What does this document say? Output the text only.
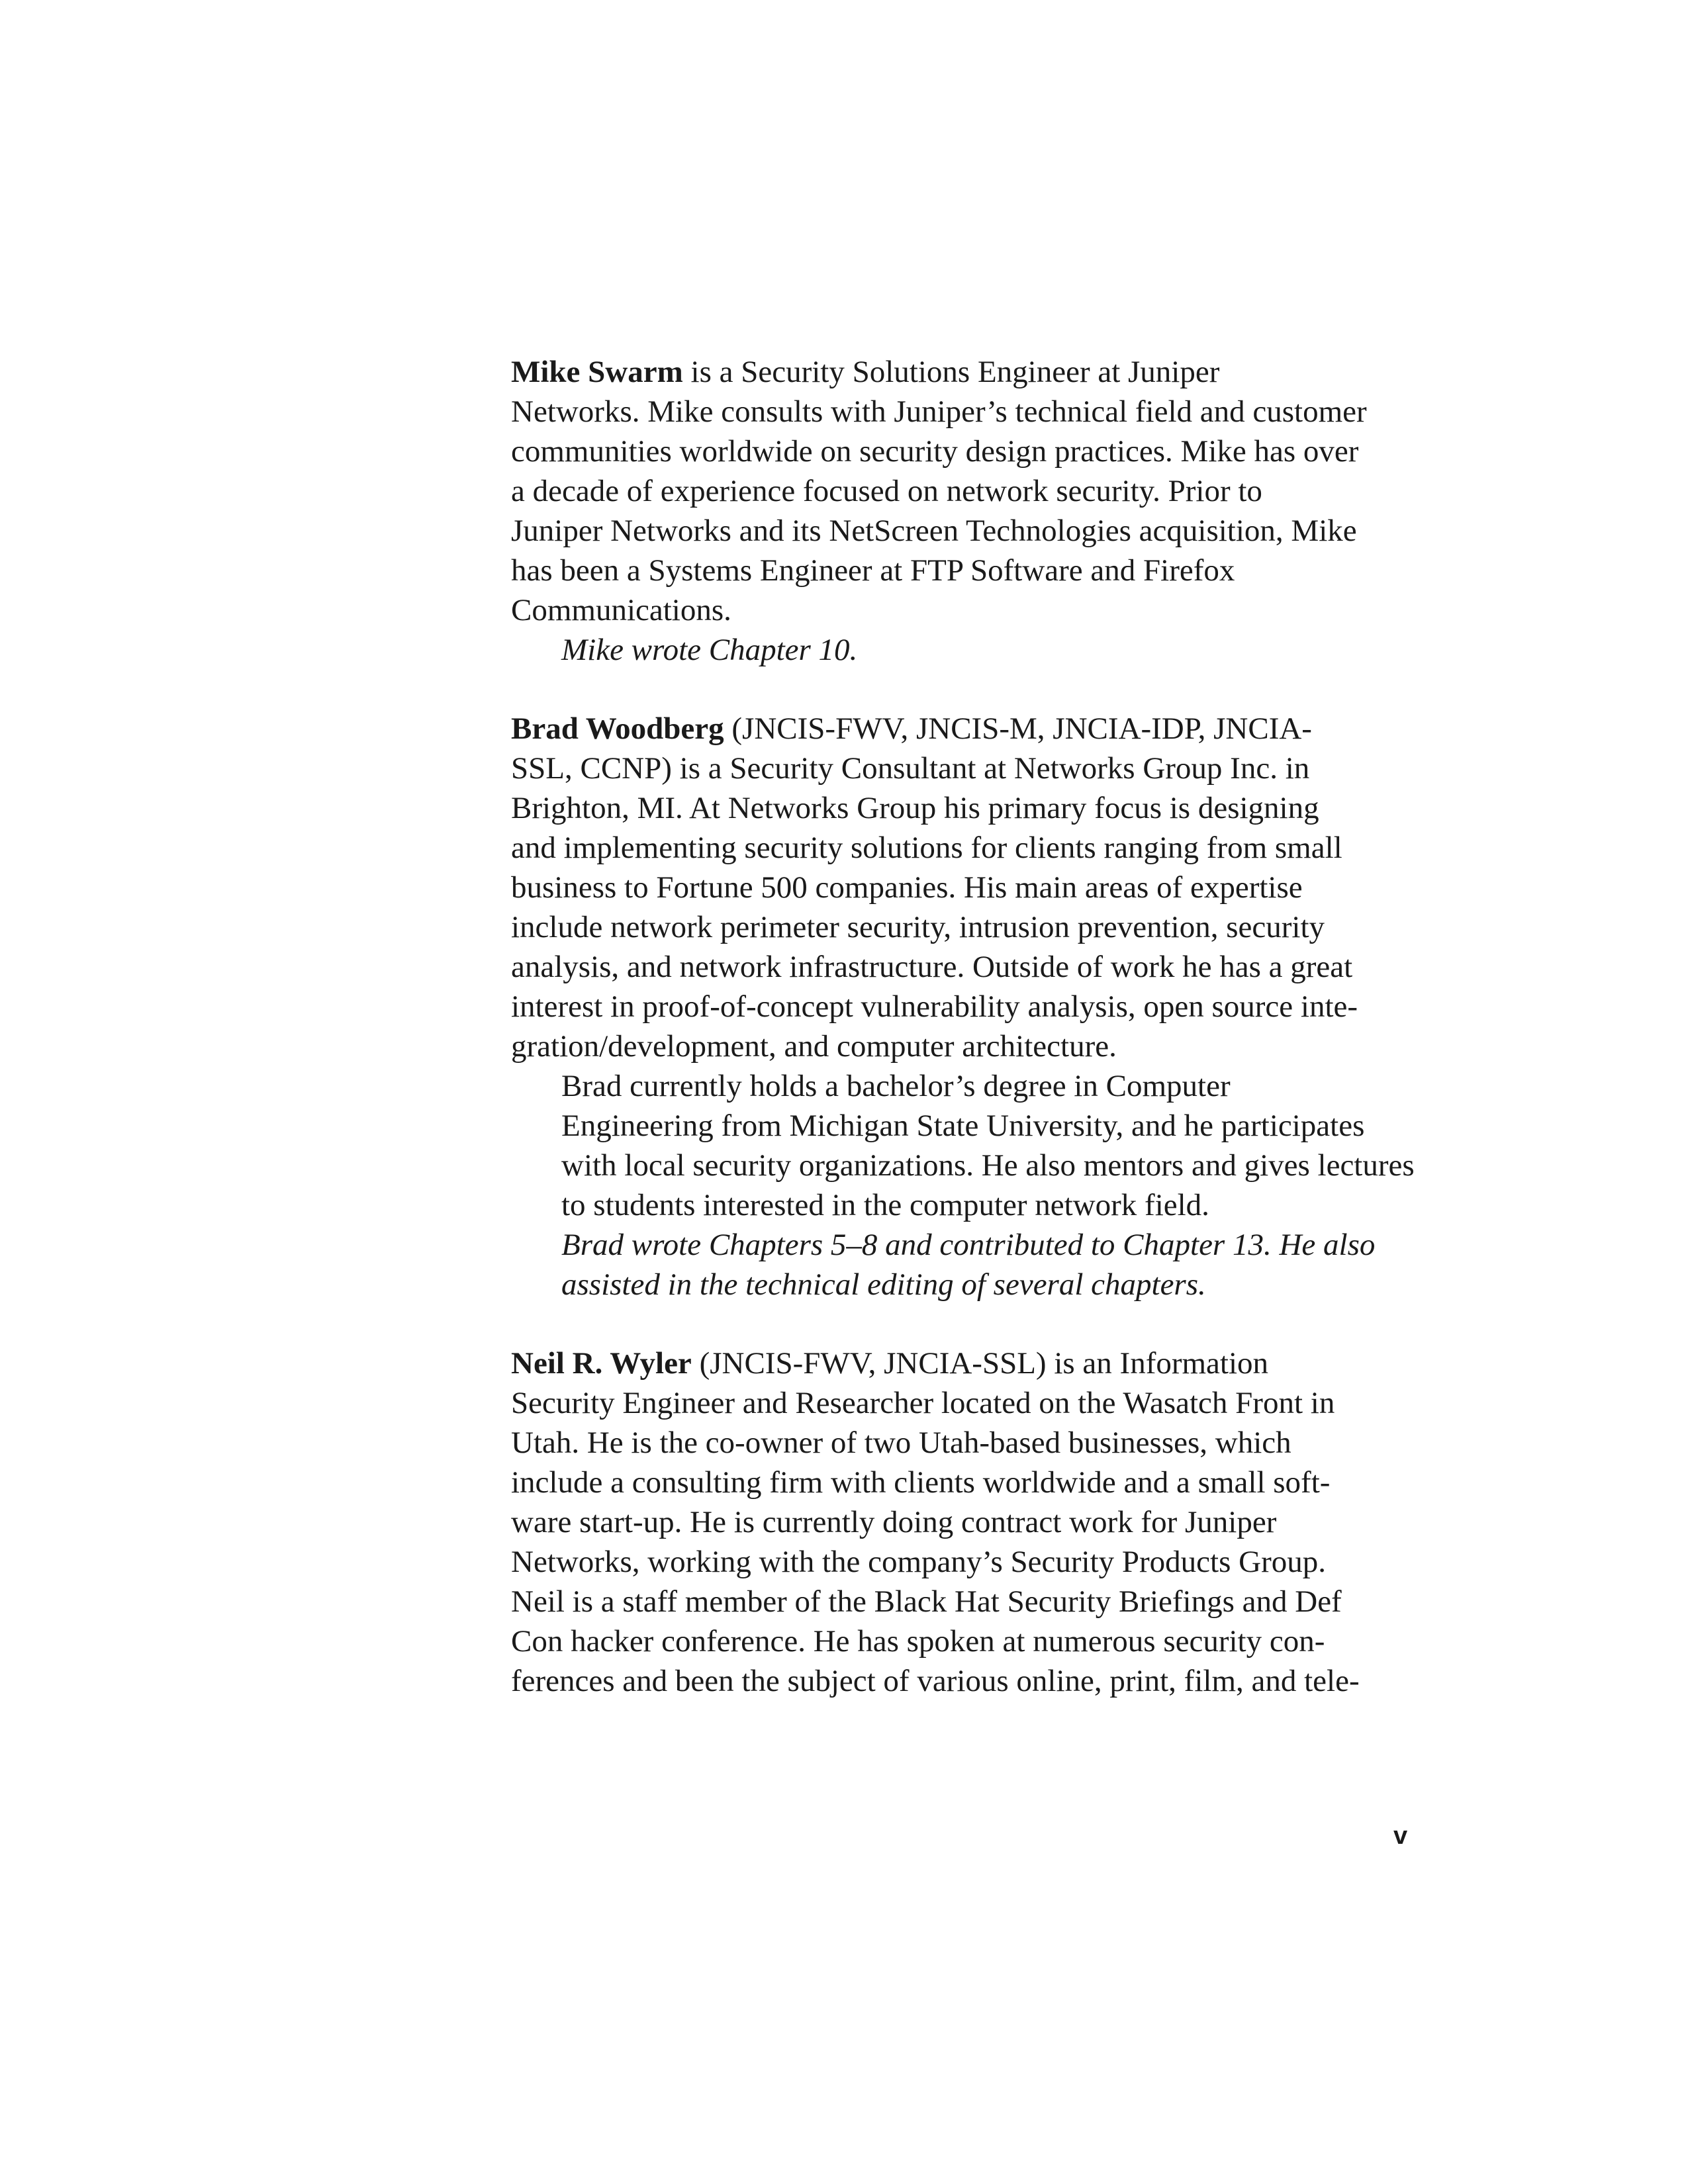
Mike Swarm is a Security Solutions Engineer at Juniper
Networks. Mike consults with Juniper’s technical field and customer
communities worldwide on security design practices. Mike has over
a decade of experience focused on network security. Prior to
Juniper Networks and its NetScreen Technologies acquisition, Mike
has been a Systems Engineer at FTP Software and Firefox
Communications.

Mike wrote Chapter 10.

Brad Woodberg (JNCIS-FWV, JNCIS-M, JNCIA-IDP, JNCIA-
SSL, CCNP) is a Security Consultant at Networks Group Inc. in
Brighton, MI. At Networks Group his primary focus is designing
and implementing security solutions for clients ranging from small
business to Fortune 500 companies. His main areas of expertise
include network perimeter security, intrusion prevention, security
analysis, and network infrastructure. Outside of work he has a great
interest in proof-of-concept vulnerability analysis, open source inte-
gration/development, and computer architecture.

Brad currently holds a bachelor’s degree in Computer
Engineering from Michigan State University, and he participates
with local security organizations. He also mentors and gives lectures
to students interested in the computer network field.

Brad wrote Chapters 5–8 and contributed to Chapter 13. He also
assisted in the technical editing of several chapters.

Neil R. Wyler (JNCIS-FWV, JNCIA-SSL) is an Information
Security Engineer and Researcher located on the Wasatch Front in
Utah. He is the co-owner of two Utah-based businesses, which
include a consulting firm with clients worldwide and a small soft-
ware start-up. He is currently doing contract work for Juniper
Networks, working with the company’s Security Products Group.
Neil is a staff member of the Black Hat Security Briefings and Def
Con hacker conference. He has spoken at numerous security con-
ferences and been the subject of various online, print, film, and tele-

v
